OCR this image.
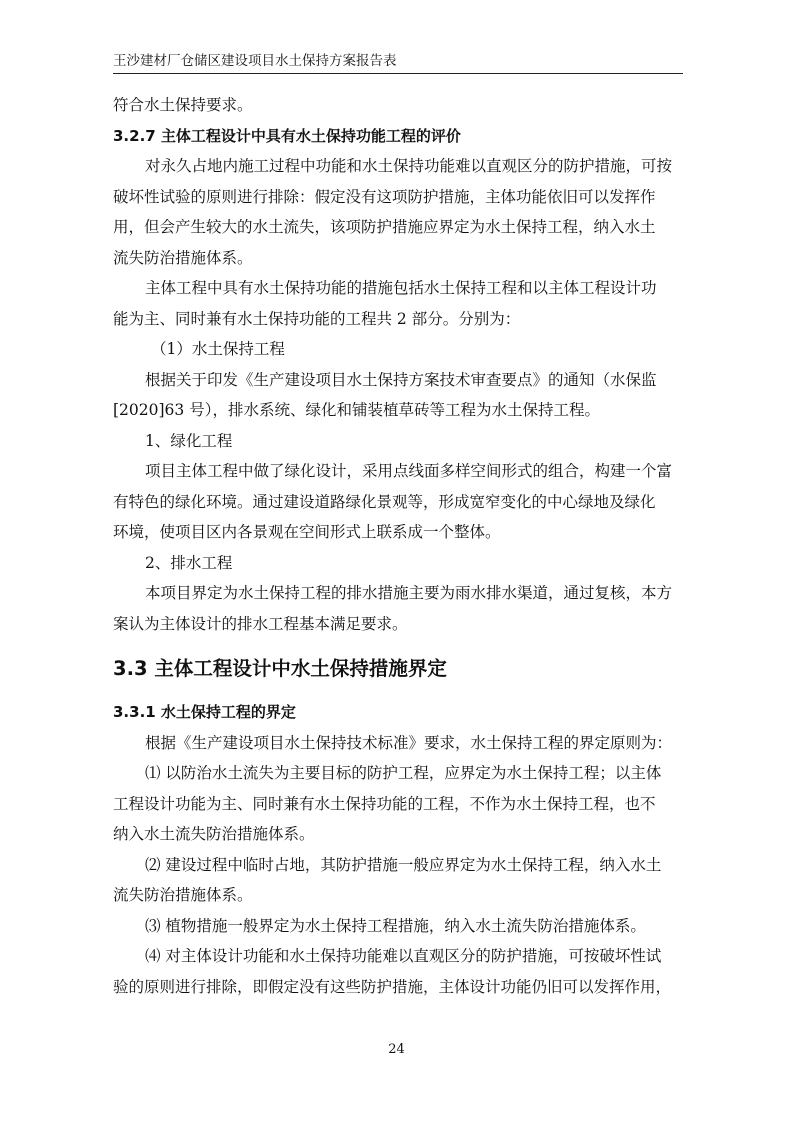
王沙建材厂仓储区建设项目水土保持方案报告表
符合水土保持要求。
3.2.7 主体工程设计中具有水土保持功能工程的评价
对永久占地内施工过程中功能和水土保持功能难以直观区分的防护措施，可按
破坏性试验的原则进行排除：假定没有这项防护措施，主体功能依旧可以发挥作
用，但会产生较大的水土流失，该项防护措施应界定为水土保持工程，纳入水土
流失防治措施体系。
主体工程中具有水土保持功能的措施包括水土保持工程和以主体工程设计功
能为主、同时兼有水土保持功能的工程共 2 部分。分别为：
（1）水土保持工程
根据关于印发《生产建设项目水土保持方案技术审查要点》的通知（水保监
[2020]63 号），排水系统、绿化和铺装植草砖等工程为水土保持工程。
1、绿化工程
项目主体工程中做了绿化设计，采用点线面多样空间形式的组合，构建一个富
有特色的绿化环境。通过建设道路绿化景观等，形成宽窄变化的中心绿地及绿化
环境，使项目区内各景观在空间形式上联系成一个整体。
2、排水工程
本项目界定为水土保持工程的排水措施主要为雨水排水渠道，通过复核，本方
案认为主体设计的排水工程基本满足要求。
3.3 主体工程设计中水土保持措施界定
3.3.1 水土保持工程的界定
根据《生产建设项目水土保持技术标准》要求，水土保持工程的界定原则为：
⑴ 以防治水土流失为主要目标的防护工程，应界定为水土保持工程；以主体
工程设计功能为主、同时兼有水土保持功能的工程，不作为水土保持工程，也不
纳入水土流失防治措施体系。
⑵ 建设过程中临时占地，其防护措施一般应界定为水土保持工程，纳入水土
流失防治措施体系。
⑶ 植物措施一般界定为水土保持工程措施，纳入水土流失防治措施体系。
⑷ 对主体设计功能和水土保持功能难以直观区分的防护措施，可按破坏性试
验的原则进行排除，即假定没有这些防护措施，主体设计功能仍旧可以发挥作用，
24
